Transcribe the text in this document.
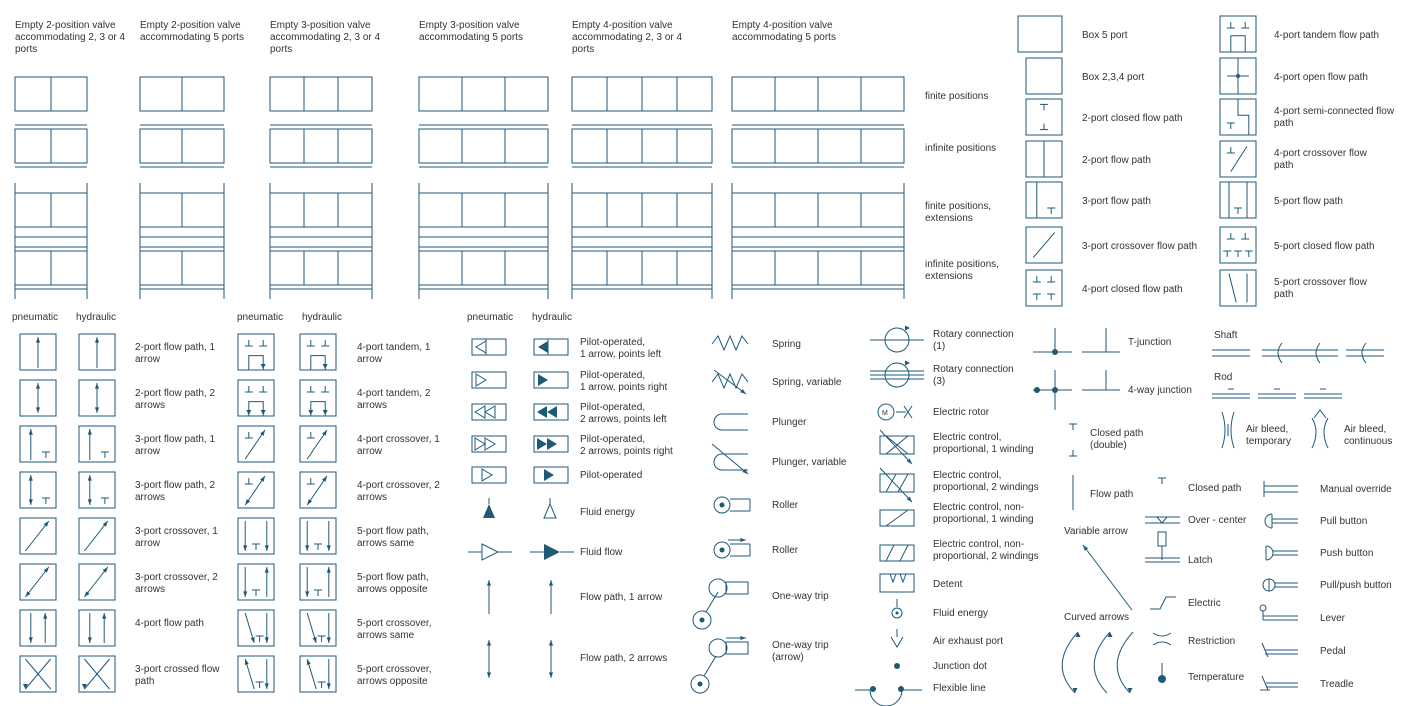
Empty 2-position valve accommodating 2, 3 or 4 ports
Empty 2-position valve accommodating 5 ports
Empty 3-position valve accommodating 2, 3 or 4 ports
Empty 3-position valve accommodating 5 ports
Empty 4-position valve accommodating 2, 3 or 4 ports
Empty 4-position valve accommodating 5 ports
finite positions
infinite positions
finite positions, extensions
infinite positions, extensions
Box 5 port
Box 2,3,4 port
2-port closed flow path
2-port flow path
3-port flow path
3-port crossover flow path
4-port closed flow path
4-port tandem flow path
4-port open flow path
4-port semi-connected flow path
4-port crossover flow path
5-port flow path
5-port closed flow path
5-port crossover flow path
pneumatic hydraulic	pneumatic hydraulic	pneumatic hydraulic
2-port flow path, 1 arrow
2-port flow path, 2 arrows
3-port flow path, 1 arrow
3-port flow path, 2 arrows
3-port crossover, 1 arrow
3-port crossover, 2 arrows
4-port flow path
3-port crossed flow path
4-port tandem, 1 arrow
4-port tandem, 2 arrows
4-port crossover, 1 arrow
4-port crossover, 2 arrows
5-port flow path, arrows same
5-port flow path, arrows opposite
5-port crossover, arrows same
5-port crossover, arrows opposite
Pilot-operated, 1 arrow, points left
Pilot-operated, 1 arrow, points right
Pilot-operated, 2 arrows, points left
Pilot-operated, 2 arrows, points right
Pilot-operated
Fluid energy
Fluid flow
Flow path, 1 arrow
Flow path, 2 arrows
Spring
Spring, variable
Plunger
Plunger, variable
Roller
Roller
One-way trip
One-way trip (arrow)
Rotary connection (1)
Rotary connection (3)
M	Electric rotor
Electric control, proportional, 1 winding
Electric control, proportional, 2 windings
Electric control, non-proportional, 1 winding
Electric control, non-proportional, 2 windings
Detent
Fluid energy
Air exhaust port
Junction dot
Flexible line
T-junction
4-way junction
Closed path (double)
Flow path
Variable arrow
Curved arrows
Shaft
Rod
Air bleed, temporary
Air bleed, continuous
Closed path
Over - center
Latch
Electric
Restriction
Temperature
Manual override
Pull button
Push button
Pull/push button
Lever
Pedal
Treadle
